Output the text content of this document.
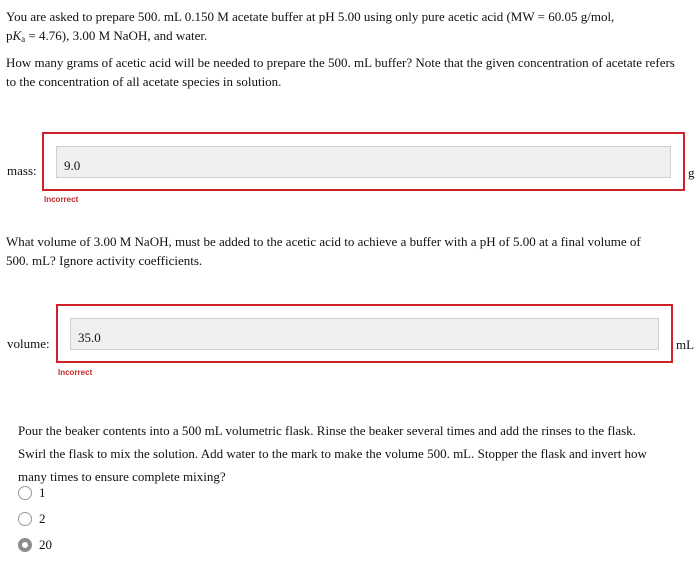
You are asked to prepare 500. mL 0.150 M acetate buffer at pH 5.00 using only pure acetic acid (MW = 60.05 g/mol,
$pK_a = 4.76$), 3.00 M NaOH, and water.

How many grams of acetic acid will be needed to prepare the 500. mL buffer? Note that the given concentration of acetate refers
to the concentration of all acetate species in solution.

mass:
9.0	g
Incorrect

What volume of 3.00 M NaOH, must be added to the acetic acid to achieve a buffer with a pH of 5.00 at a final volume of
500. mL? Ignore activity coefficients.

volume:
35.0	mL
Incorrect

Pour the beaker contents into a 500 mL volumetric flask. Rinse the beaker several times and add the rinses to the flask.
Swirl the flask to mix the solution. Add water to the mark to make the volume 500. mL. Stopper the flask and invert how
many times to ensure complete mixing?

1
2
20
